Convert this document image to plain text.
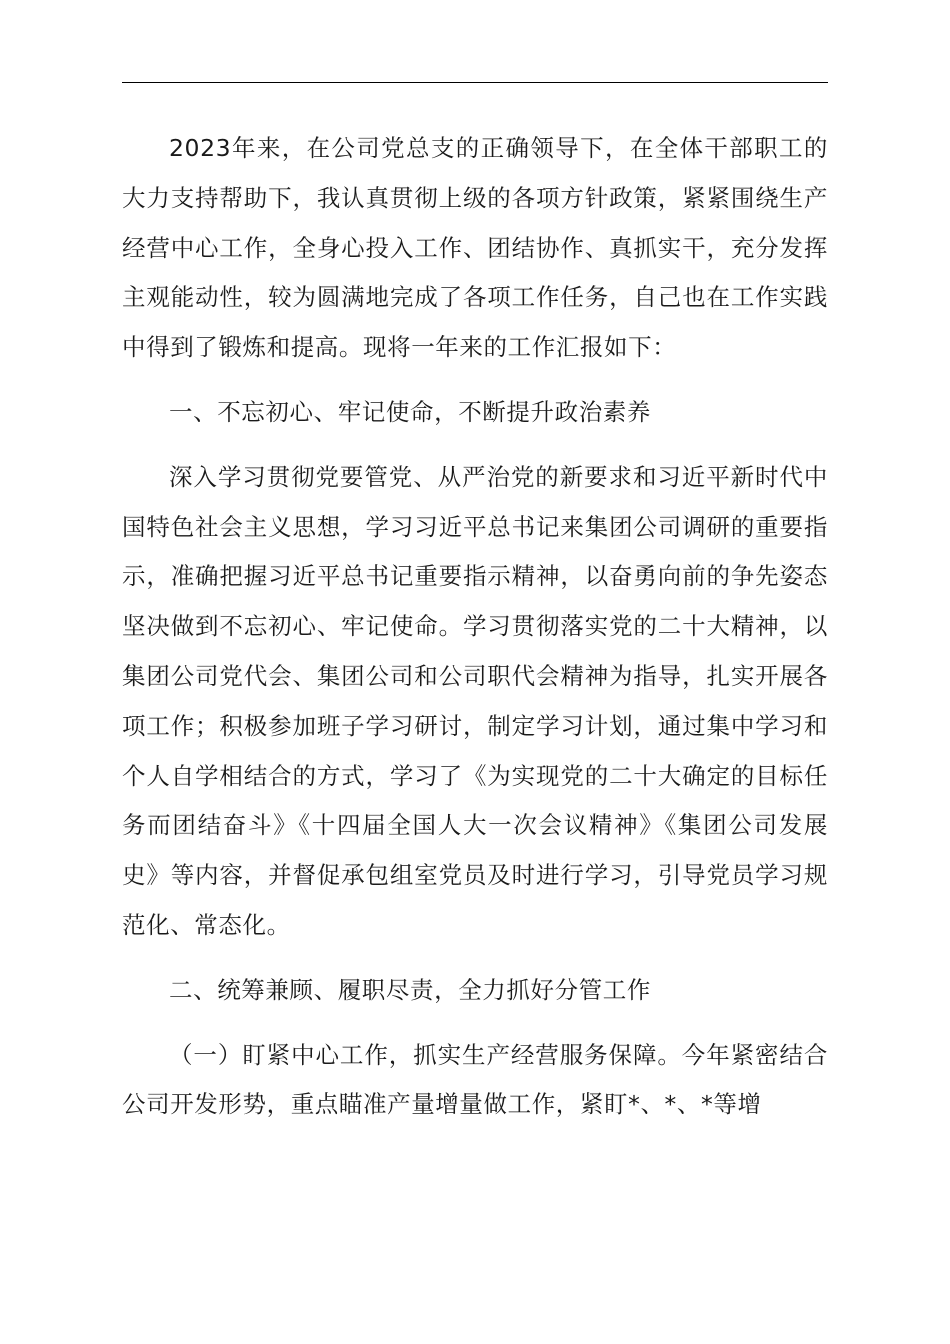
2023年来，在公司党总支的正确领导下，在全体干部职工的大力支持帮助下，我认真贯彻上级的各项方针政策，紧紧围绕生产经营中心工作，全身心投入工作、团结协作、真抓实干，充分发挥主观能动性，较为圆满地完成了各项工作任务，自己也在工作实践中得到了锻炼和提高。现将一年来的工作汇报如下：

一、不忘初心、牢记使命，不断提升政治素养

深入学习贯彻党要管党、从严治党的新要求和习近平新时代中国特色社会主义思想，学习习近平总书记来集团公司调研的重要指示，准确把握习近平总书记重要指示精神，以奋勇向前的争先姿态坚决做到不忘初心、牢记使命。学习贯彻落实党的二十大精神，以集团公司党代会、集团公司和公司职代会精神为指导，扎实开展各项工作；积极参加班子学习研讨，制定学习计划，通过集中学习和个人自学相结合的方式，学习了《为实现党的二十大确定的目标任务而团结奋斗》《十四届全国人大一次会议精神》《集团公司发展史》等内容，并督促承包组室党员及时进行学习，引导党员学习规范化、常态化。

二、统筹兼顾、履职尽责，全力抓好分管工作

（一）盯紧中心工作，抓实生产经营服务保障。今年紧密结合公司开发形势，重点瞄准产量增量做工作，紧盯*、*、*等增
